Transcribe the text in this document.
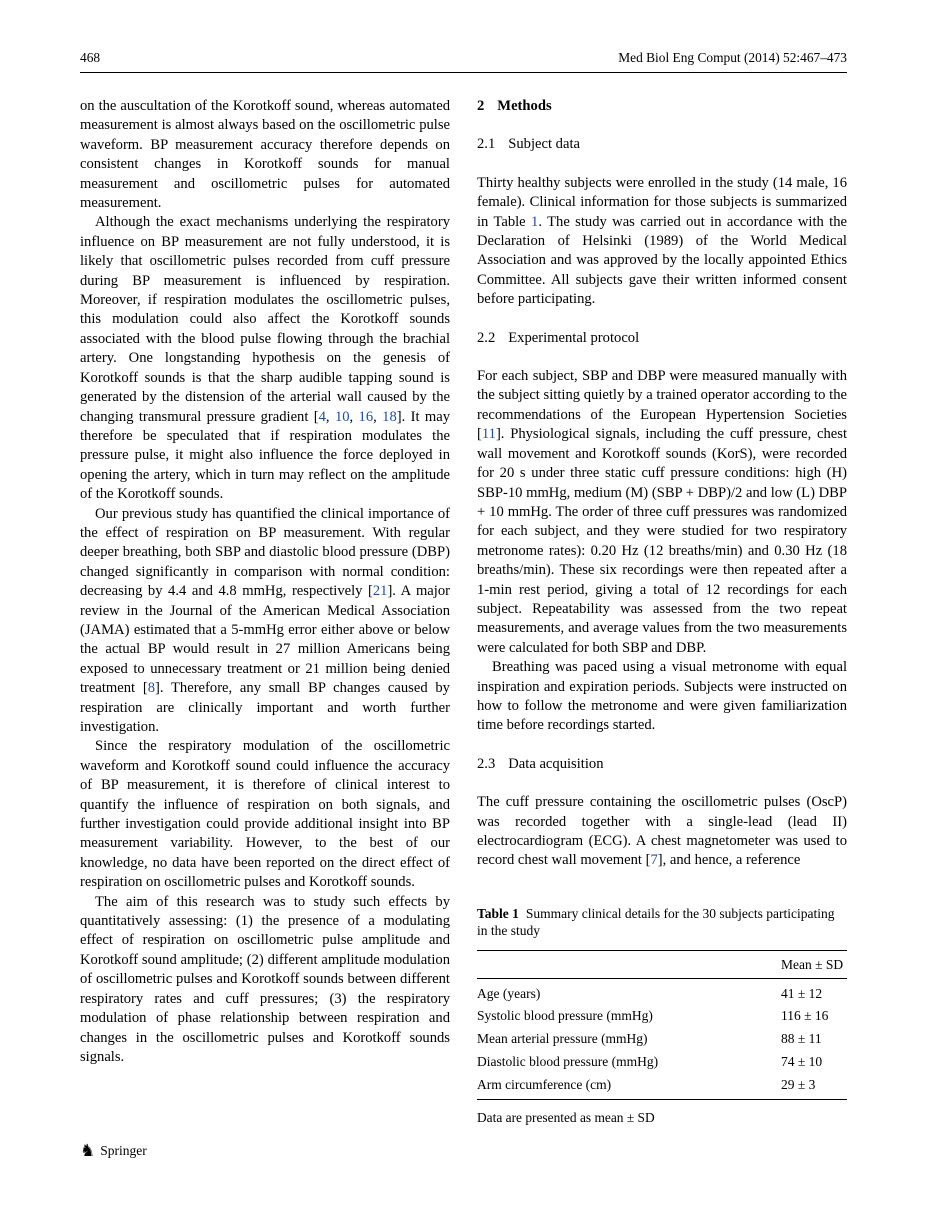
468	Med Biol Eng Comput (2014) 52:467–473

on the auscultation of the Korotkoff sound, whereas automated measurement is almost always based on the oscillometric pulse waveform. BP measurement accuracy therefore depends on consistent changes in Korotkoff sounds for manual measurement and oscillometric pulses for automated measurement.

Although the exact mechanisms underlying the respiratory influence on BP measurement are not fully understood, it is likely that oscillometric pulses recorded from cuff pressure during BP measurement is influenced by respiration. Moreover, if respiration modulates the oscillometric pulses, this modulation could also affect the Korotkoff sounds associated with the blood pulse flowing through the brachial artery. One longstanding hypothesis on the genesis of Korotkoff sounds is that the sharp audible tapping sound is generated by the distension of the arterial wall caused by the changing transmural pressure gradient [4, 10, 16, 18]. It may therefore be speculated that if respiration modulates the pressure pulse, it might also influence the force deployed in opening the artery, which in turn may reflect on the amplitude of the Korotkoff sounds.

Our previous study has quantified the clinical importance of the effect of respiration on BP measurement. With regular deeper breathing, both SBP and diastolic blood pressure (DBP) changed significantly in comparison with normal condition: decreasing by 4.4 and 4.8 mmHg, respectively [21]. A major review in the Journal of the American Medical Association (JAMA) estimated that a 5-mmHg error either above or below the actual BP would result in 27 million Americans being exposed to unnecessary treatment or 21 million being denied treatment [8]. Therefore, any small BP changes caused by respiration are clinically important and worth further investigation.

Since the respiratory modulation of the oscillometric waveform and Korotkoff sound could influence the accuracy of BP measurement, it is therefore of clinical interest to quantify the influence of respiration on both signals, and further investigation could provide additional insight into BP measurement variability. However, to the best of our knowledge, no data have been reported on the direct effect of respiration on oscillometric pulses and Korotkoff sounds.

The aim of this research was to study such effects by quantitatively assessing: (1) the presence of a modulating effect of respiration on oscillometric pulse amplitude and Korotkoff sound amplitude; (2) different amplitude modulation of oscillometric pulses and Korotkoff sounds between different respiratory rates and cuff pressures; (3) the respiratory modulation of phase relationship between respiration and changes in the oscillometric pulses and Korotkoff sounds signals.

2 Methods
2.1 Subject data

Thirty healthy subjects were enrolled in the study (14 male, 16 female). Clinical information for those subjects is summarized in Table 1. The study was carried out in accordance with the Declaration of Helsinki (1989) of the World Medical Association and was approved by the locally appointed Ethics Committee. All subjects gave their written informed consent before participating.

2.2 Experimental protocol

For each subject, SBP and DBP were measured manually with the subject sitting quietly by a trained operator according to the recommendations of the European Hypertension Societies [11]. Physiological signals, including the cuff pressure, chest wall movement and Korotkoff sounds (KorS), were recorded for 20 s under three static cuff pressure conditions: high (H) SBP-10 mmHg, medium (M) (SBP + DBP)/2 and low (L) DBP + 10 mmHg. The order of three cuff pressures was randomized for each subject, and they were studied for two respiratory metronome rates): 0.20 Hz (12 breaths/min) and 0.30 Hz (18 breaths/min). These six recordings were then repeated after a 1-min rest period, giving a total of 12 recordings for each subject. Repeatability was assessed from the two repeat measurements, and average values from the two measurements were calculated for both SBP and DBP.

Breathing was paced using a visual metronome with equal inspiration and expiration periods. Subjects were instructed on how to follow the metronome and were given familiarization time before recordings started.

2.3 Data acquisition

The cuff pressure containing the oscillometric pulses (OscP) was recorded together with a single-lead (lead II) electrocardiogram (ECG). A chest magnetometer was used to record chest wall movement [7], and hence, a reference

Table 1 Summary clinical details for the 30 subjects participating in the study
	Mean ± SD
Age (years)	41 ± 12
Systolic blood pressure (mmHg)	116 ± 16
Mean arterial pressure (mmHg)	88 ± 11
Diastolic blood pressure (mmHg)	74 ± 10
Arm circumference (cm)	29 ± 3
Data are presented as mean ± SD
♞ Springer
